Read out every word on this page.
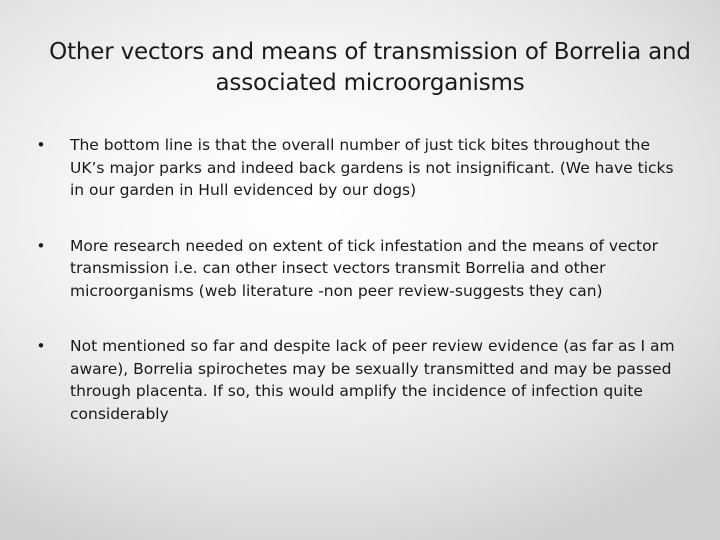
Other vectors and means of transmission of Borrelia and associated microorganisms
• The bottom line is that the overall number of just tick bites throughout the UK’s major parks and indeed back gardens is not insignificant. (We have ticks in our garden in Hull evidenced by our dogs)
• More research needed on extent of tick infestation and the means of vector transmission i.e. can other insect vectors transmit Borrelia and other microorganisms (web literature -non peer review-suggests they can)
• Not mentioned so far and despite lack of peer review evidence (as far as I am aware), Borrelia spirochetes may be sexually transmitted and may be passed through placenta. If so, this would amplify the incidence of infection quite considerably
